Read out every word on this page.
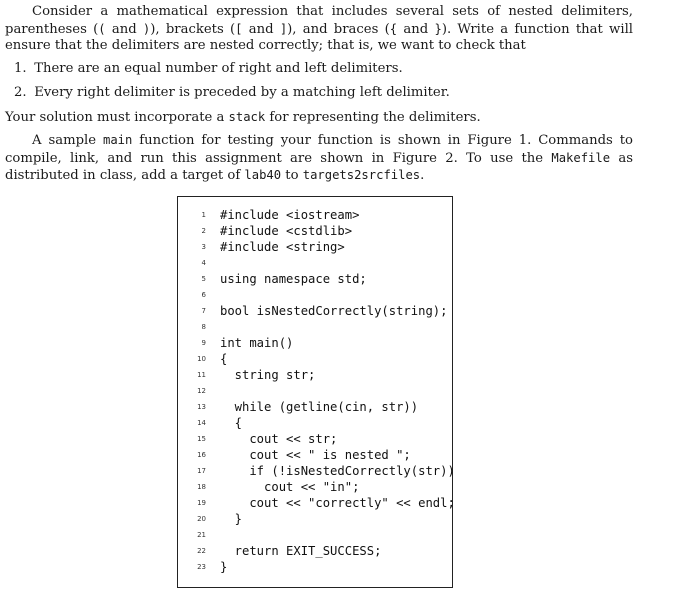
Consider a mathematical expression that includes several sets of nested delimiters, parentheses (( and )), brackets ([ and ]), and braces ({ and }). Write a function that will ensure that the delimiters are nested correctly; that is, we want to check that

1. There are an equal number of right and left delimiters.
2. Every right delimiter is preceded by a matching left delimiter.

Your solution must incorporate a stack for representing the delimiters.

A sample main function for testing your function is shown in Figure 1. Commands to compile, link, and run this assignment are shown in Figure 2. To use the Makefile as distributed in class, add a target of lab40 to targets2srcfiles.

1 #include <iostream>
2 #include <cstdlib>
3 #include <string>
4
5 using namespace std;
6
7 bool isNestedCorrectly(string);
8
9 int main()
10 {
11 string str;
12
13 while (getline(cin, str))
14 {
15 cout << str;
16 cout << " is nested ";
17 if (!isNestedCorrectly(str))
18 cout << "in";
19 cout << "correctly" << endl;
20 }
21
22 return EXIT_SUCCESS;
23 }
